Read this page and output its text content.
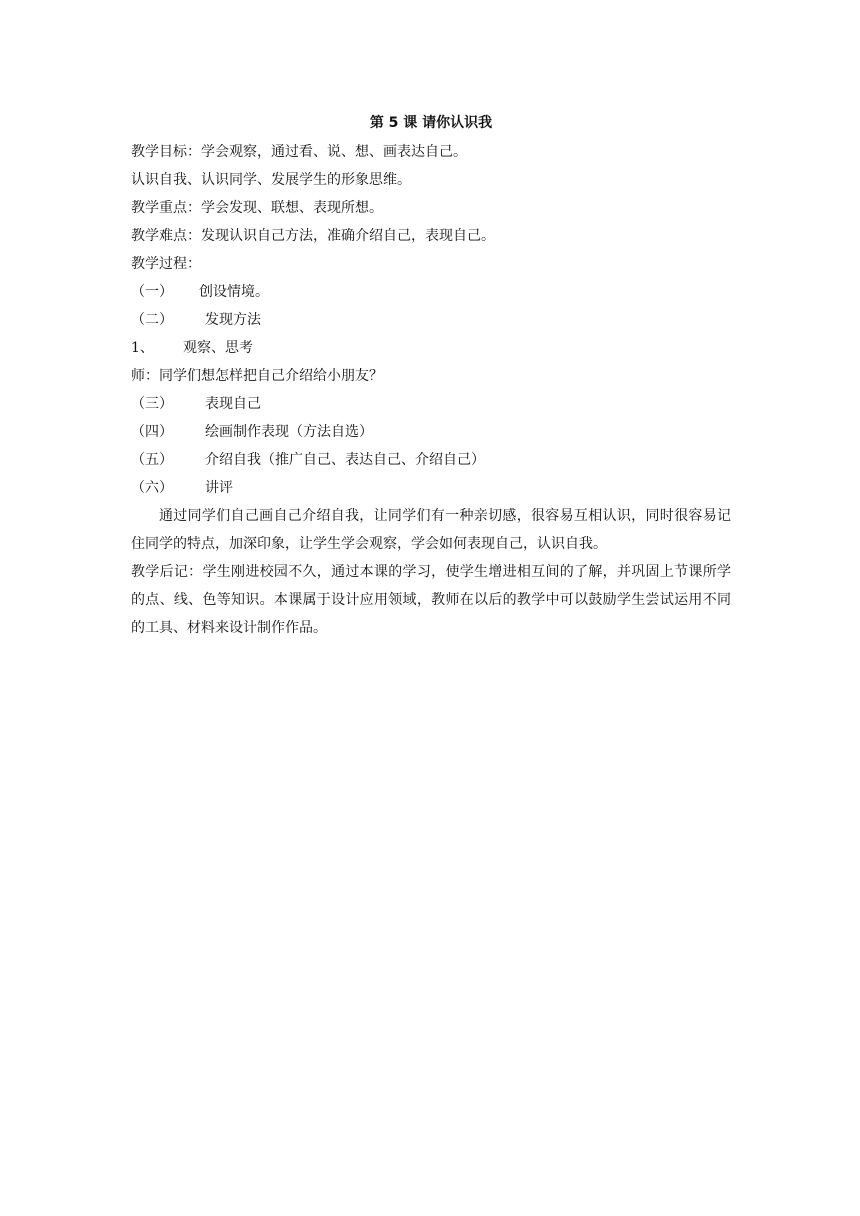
第 5 课 请你认识我
教学目标：学会观察，通过看、说、想、画表达自己。
认识自我、认识同学、发展学生的形象思维。
教学重点：学会发现、联想、表现所想。
教学难点：发现认识自己方法，准确介绍自己，表现自己。
教学过程：
（一） 创设情境。
（二） 发现方法
1、 观察、思考
师：同学们想怎样把自己介绍给小朋友？
（三） 表现自己
（四） 绘画制作表现（方法自选）
（五） 介绍自我（推广自己、表达自己、介绍自己）
（六） 讲评
通过同学们自己画自己介绍自我，让同学们有一种亲切感，很容易互相认识，同时很容易记住同学的特点，加深印象，让学生学会观察，学会如何表现自己，认识自我。
教学后记：学生刚进校园不久，通过本课的学习，使学生增进相互间的了解，并巩固上节课所学的点、线、色等知识。本课属于设计应用领域，教师在以后的教学中可以鼓励学生尝试运用不同的工具、材料来设计制作作品。
